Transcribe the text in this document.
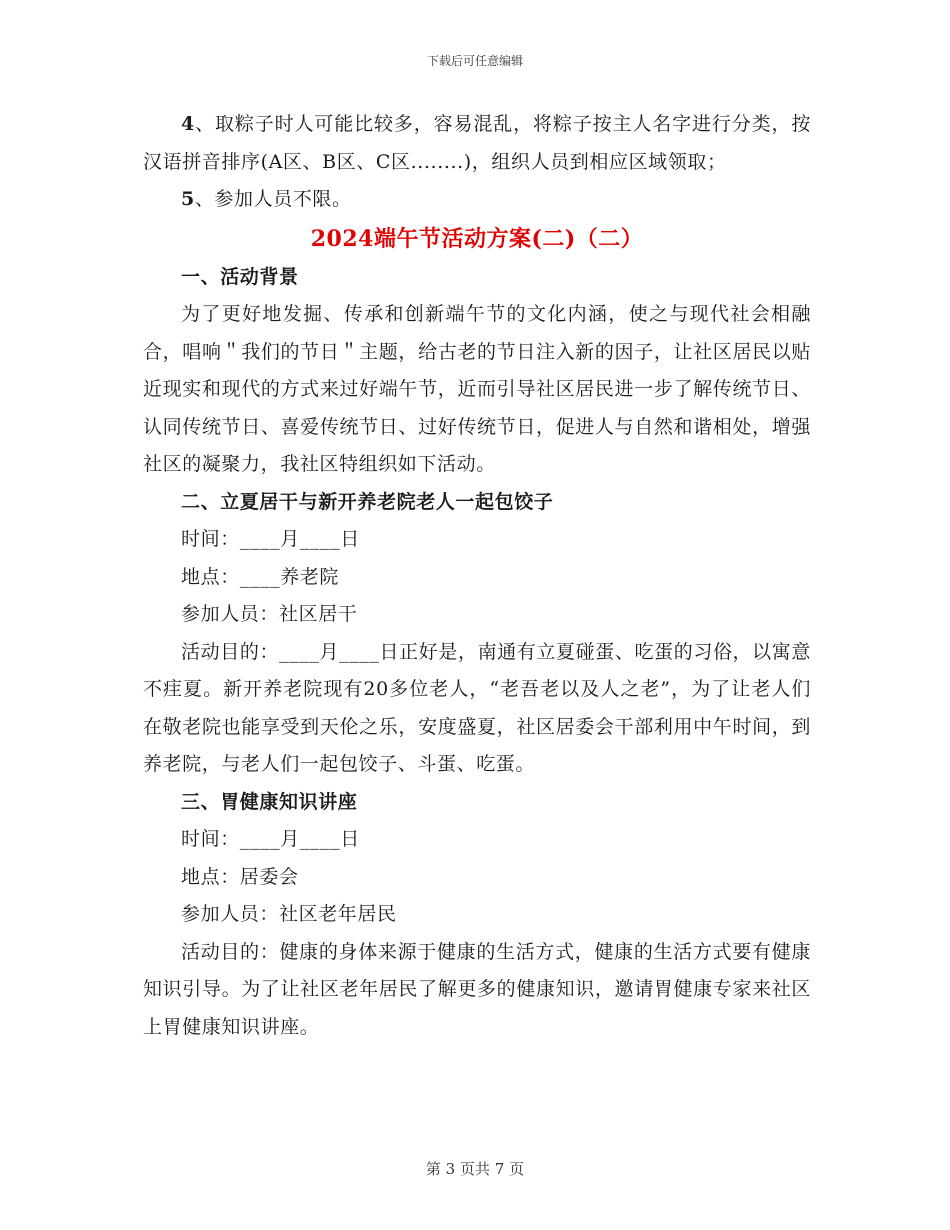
下载后可任意编辑

4、取粽子时人可能比较多，容易混乱，将粽子按主人名字进行分类，按汉语拼音排序(A区、B区、C区........)，组织人员到相应区域领取；

5、参加人员不限。

2024端午节活动方案(二)（二）
一、活动背景

为了更好地发掘、传承和创新端午节的文化内涵，使之与现代社会相融合，唱响＂我们的节日＂主题，给古老的节日注入新的因子，让社区居民以贴近现实和现代的方式来过好端午节，近而引导社区居民进一步了解传统节日、认同传统节日、喜爱传统节日、过好传统节日，促进人与自然和谐相处，增强社区的凝聚力，我社区特组织如下活动。

二、立夏居干与新开养老院老人一起包饺子

时间：____月____日

地点：____养老院

参加人员：社区居干

活动目的：____月____日正好是，南通有立夏碰蛋、吃蛋的习俗，以寓意不疰夏。新开养老院现有20多位老人，“老吾老以及人之老”，为了让老人们在敬老院也能享受到天伦之乐，安度盛夏，社区居委会干部利用中午时间，到养老院，与老人们一起包饺子、斗蛋、吃蛋。

三、胃健康知识讲座

时间：____月____日

地点：居委会

参加人员：社区老年居民

活动目的：健康的身体来源于健康的生活方式，健康的生活方式要有健康知识引导。为了让社区老年居民了解更多的健康知识，邀请胃健康专家来社区上胃健康知识讲座。

第 3 页共 7 页
